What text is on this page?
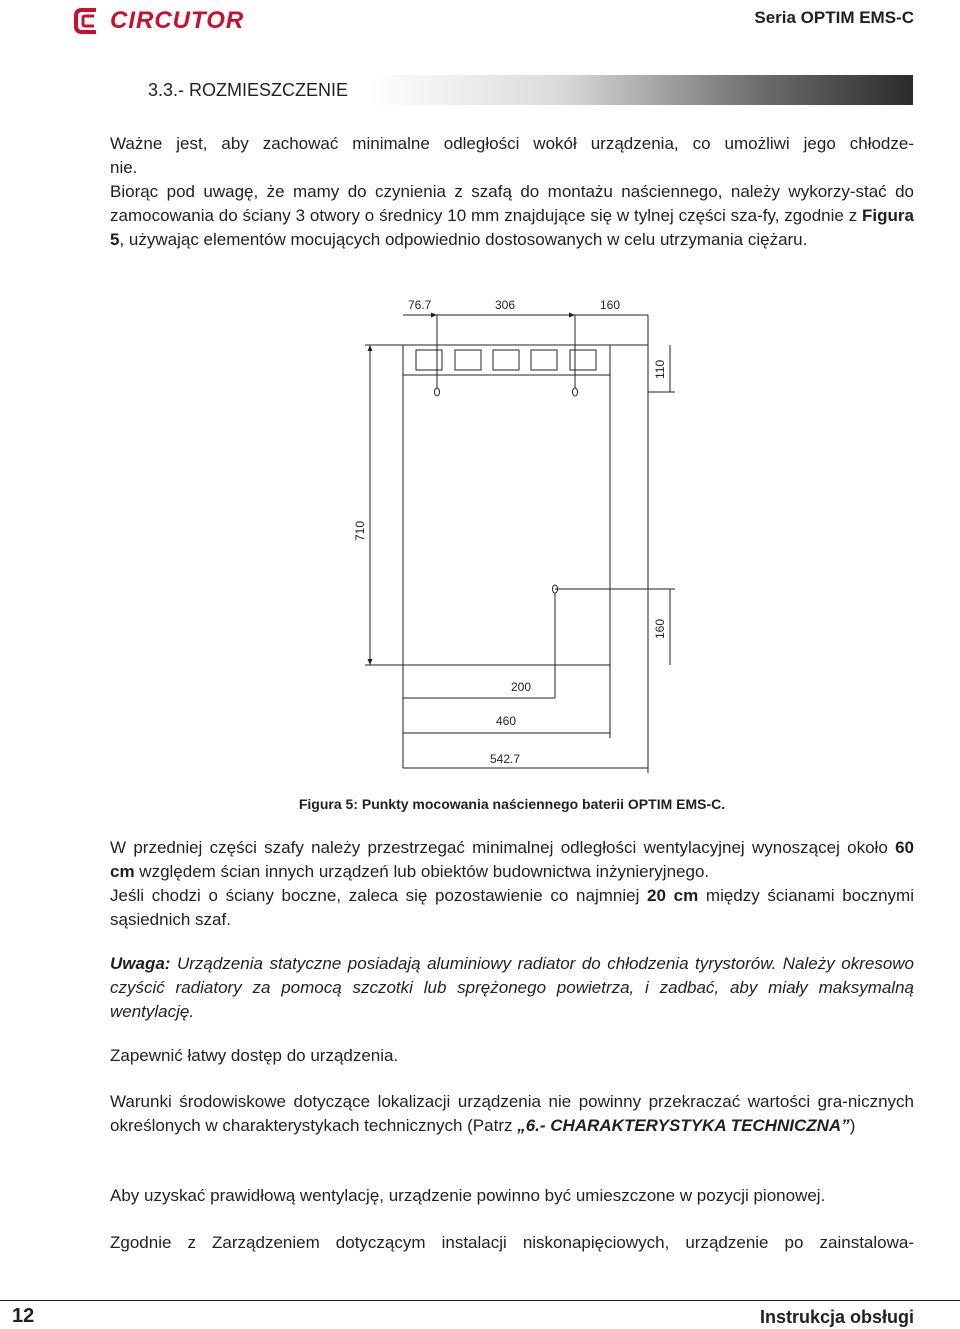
CIRCUTOR	Seria OPTIM EMS-C
3.3.- ROZMIESZCZENIE
Ważne jest, aby zachować minimalne odległości wokół urządzenia, co umożliwi jego chłodze-
nie.
Biorąc pod uwagę, że mamy do czynienia z szafą do montażu naściennego, należy wykorzy-stać do zamocowania do ściany 3 otwory o średnicy 10 mm znajdujące się w tylnej części sza-fy, zgodnie z Figura 5, używając elementów mocujących odpowiednio dostosowanych w celu utrzymania ciężaru.
76.7	306	160
110
710
160
200
460
542.7
Figura 5: Punkty mocowania naściennego baterii OPTIM EMS-C.
W przedniej części szafy należy przestrzegać minimalnej odległości wentylacyjnej wynoszącej około 60 cm względem ścian innych urządzeń lub obiektów budownictwa inżynieryjnego.
Jeśli chodzi o ściany boczne, zaleca się pozostawienie co najmniej 20 cm między ścianami bocznymi sąsiednich szaf.
Uwaga: Urządzenia statyczne posiadają aluminiowy radiator do chłodzenia tyrystorów. Należy okresowo czyścić radiatory za pomocą szczotki lub sprężonego powietrza, i zadbać, aby miały maksymalną wentylację.
Zapewnić łatwy dostęp do urządzenia.
Warunki środowiskowe dotyczące lokalizacji urządzenia nie powinny przekraczać wartości gra-nicznych określonych w charakterystykach technicznych (Patrz „6.- CHARAKTERYSTYKA TECHNICZNA”)
Aby uzyskać prawidłową wentylację, urządzenie powinno być umieszczone w pozycji pionowej.
Zgodnie z Zarządzeniem dotyczącym instalacji niskonapięciowych, urządzenie po zainstalowa-
12	Instrukcja obsługi
